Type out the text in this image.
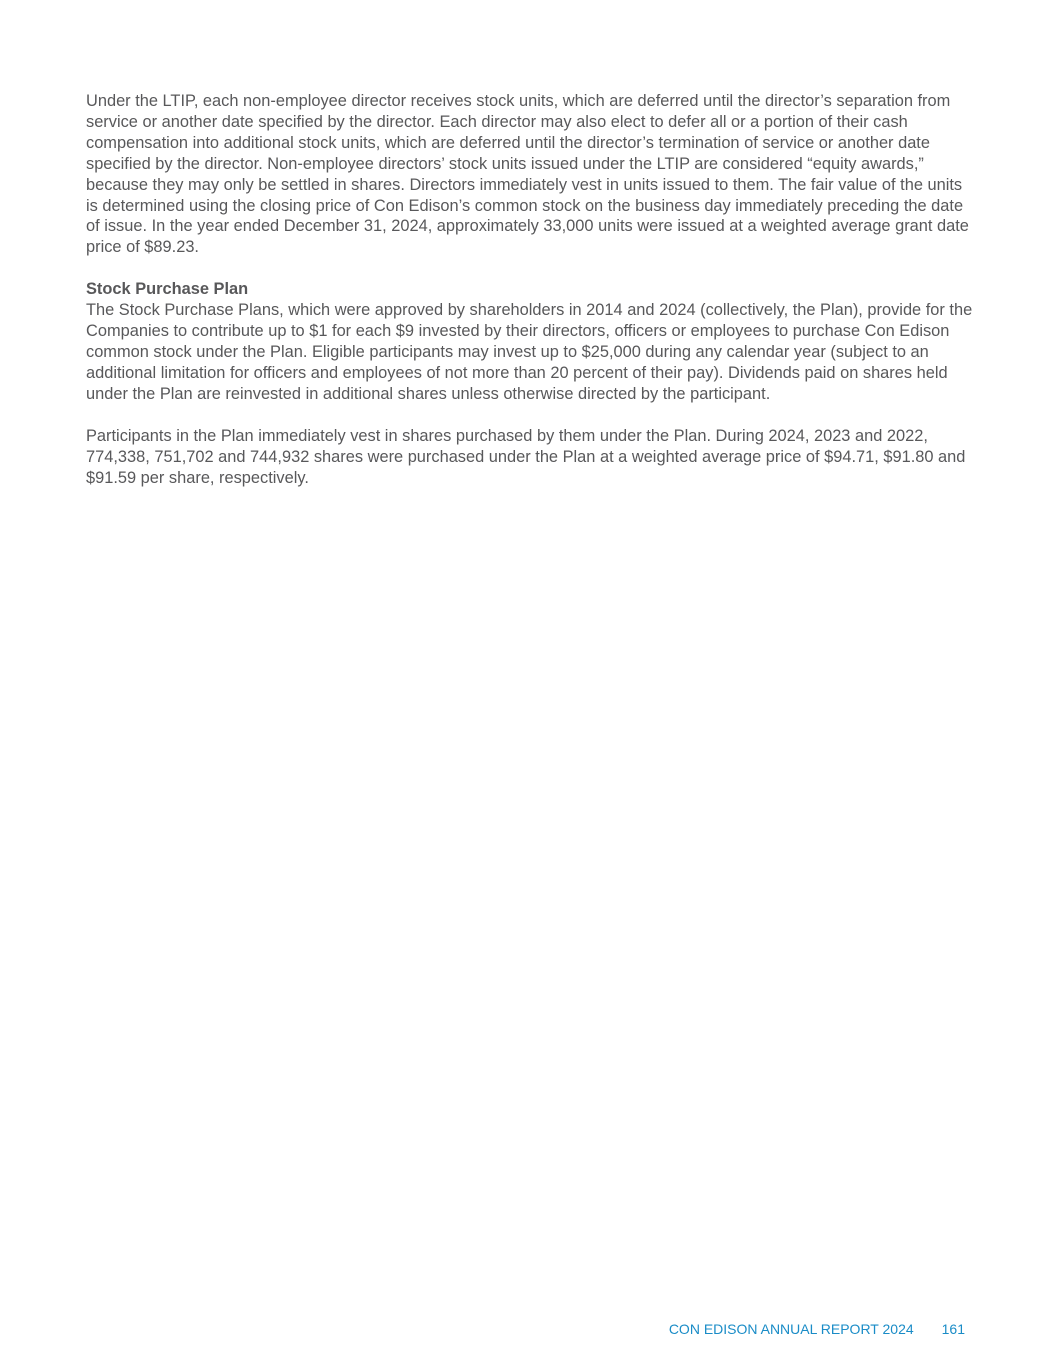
Under the LTIP, each non-employee director receives stock units, which are deferred until the director’s separation from service or another date specified by the director. Each director may also elect to defer all or a portion of their cash compensation into additional stock units, which are deferred until the director’s termination of service or another date specified by the director. Non-employee directors’ stock units issued under the LTIP are considered “equity awards,” because they may only be settled in shares. Directors immediately vest in units issued to them. The fair value of the units is determined using the closing price of Con Edison’s common stock on the business day immediately preceding the date of issue. In the year ended December 31, 2024, approximately 33,000 units were issued at a weighted average grant date price of $89.23.

Stock Purchase Plan

The Stock Purchase Plans, which were approved by shareholders in 2014 and 2024 (collectively, the Plan), provide for the Companies to contribute up to $1 for each $9 invested by their directors, officers or employees to purchase Con Edison common stock under the Plan. Eligible participants may invest up to $25,000 during any calendar year (subject to an additional limitation for officers and employees of not more than 20 percent of their pay). Dividends paid on shares held under the Plan are reinvested in additional shares unless otherwise directed by the participant.

Participants in the Plan immediately vest in shares purchased by them under the Plan. During 2024, 2023 and 2022, 774,338, 751,702 and 744,932 shares were purchased under the Plan at a weighted average price of $94.71, $91.80 and $91.59 per share, respectively.

CON EDISON ANNUAL REPORT 2024 161
